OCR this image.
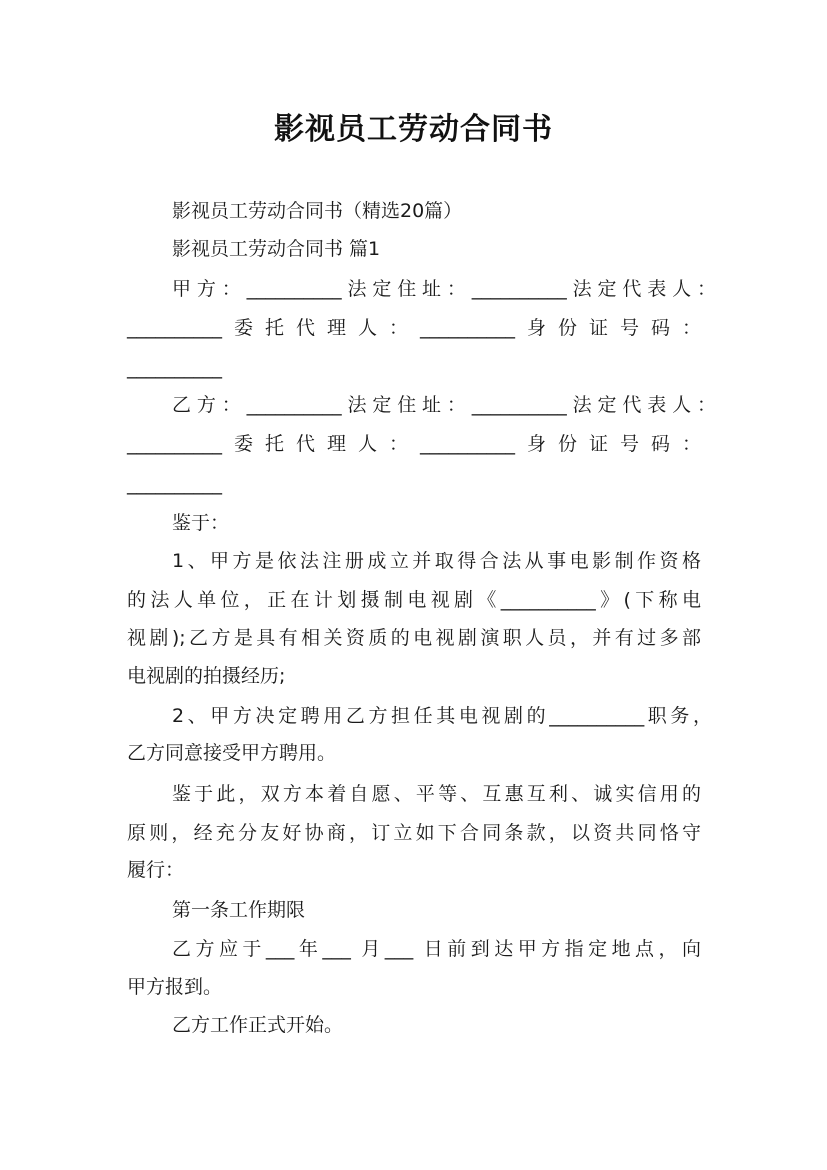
影视员工劳动合同书
影视员工劳动合同书（精选20篇）
影视员工劳动合同书 篇1
甲方：__________法定住址：__________法定代表人：
__________委托代理人：__________身份证号码：
__________
乙方：__________法定住址：__________法定代表人：
__________委托代理人：__________身份证号码：
__________
鉴于：
1、甲方是依法注册成立并取得合法从事电影制作资格
的法人单位，正在计划摄制电视剧《__________》(下称电
视剧);乙方是具有相关资质的电视剧演职人员，并有过多部
电视剧的拍摄经历;
2、甲方决定聘用乙方担任其电视剧的__________职务，
乙方同意接受甲方聘用。
鉴于此，双方本着自愿、平等、互惠互利、诚实信用的
原则，经充分友好协商，订立如下合同条款，以资共同恪守
履行：
第一条工作期限
乙方应于___年___ 月___ 日前到达甲方指定地点，向
甲方报到。
乙方工作正式开始。
